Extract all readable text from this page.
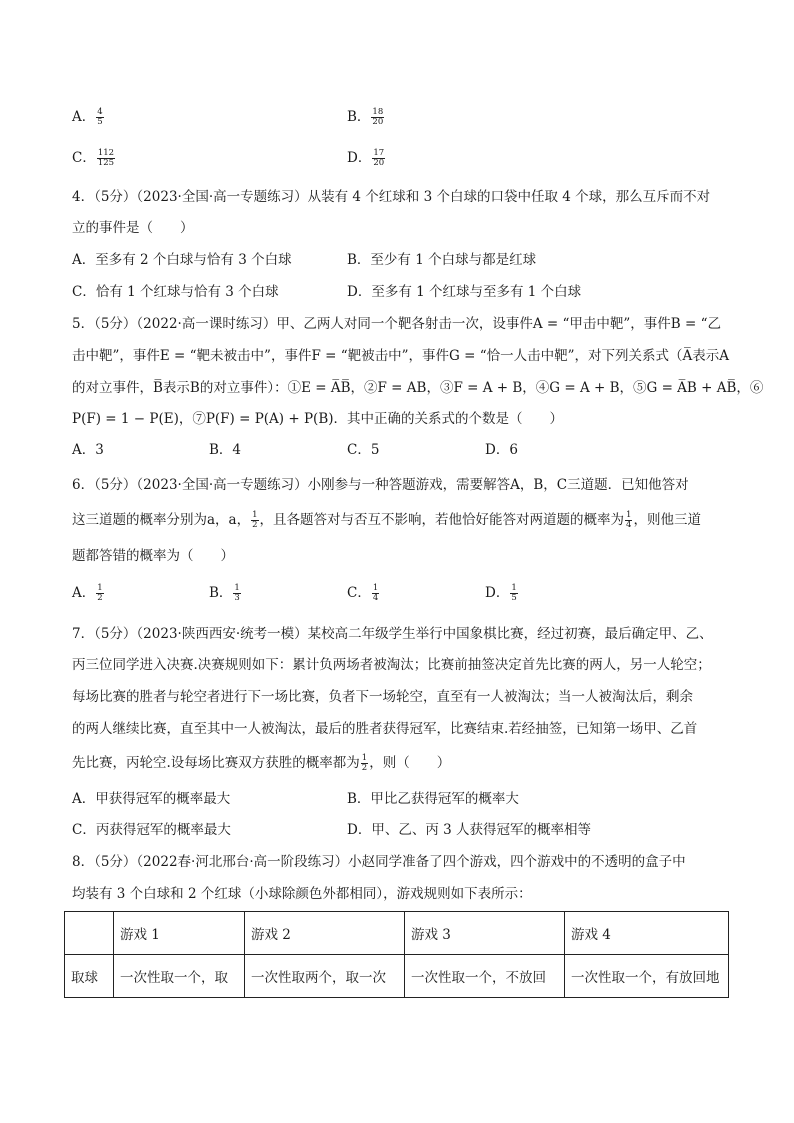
A． $\frac{4}{5}$	B． $\frac{18}{20}$
C． $\frac{112}{125}$	D． $\frac{17}{20}$
4．（5分）（2023·全国·高一专题练习）从装有 4 个红球和 3 个白球的口袋中任取 4 个球，那么互斥而不对
立的事件是（　　）
A．至多有 2 个白球与恰有 3 个白球	B．至少有 1 个白球与都是红球
C．恰有 1 个红球与恰有 3 个白球	D．至多有 1 个红球与至多有 1 个白球
5．（5分）（2022·高一课时练习）甲、乙两人对同一个靶各射击一次，设事件A = “甲击中靶”，事件B = “乙
击中靶”，事件E = “靶未被击中”，事件F = “靶被击中”，事件G = “恰一人击中靶”，对下列关系式（A̅表示A
的对立事件，B̅表示B的对立事件）：①E = A̅B̅，②F = AB，③F = A + B，④G = A + B，⑤G = A̅B + AB̅，⑥
P(F) = 1 − P(E)，⑦P(F) = P(A) + P(B)．其中正确的关系式的个数是（　　）
A．3	B．4	C．5	D．6
6．（5分）（2023·全国·高一专题练习）小刚参与一种答题游戏，需要解答A，B，C三道题．已知他答对
这三道题的概率分别为a，a， $\frac{1}{2}$ ，且各题答对与否互不影响，若他恰好能答对两道题的概率为 $\frac{1}{4}$ ，则他三道
题都答错的概率为（　　）
A． $\frac{1}{2}$	B． $\frac{1}{3}$	C． $\frac{1}{4}$	D． $\frac{1}{5}$
7．（5分）（2023·陕西西安·统考一模）某校高二年级学生举行中国象棋比赛，经过初赛，最后确定甲、乙、
丙三位同学进入决赛.决赛规则如下：累计负两场者被淘汰；比赛前抽签决定首先比赛的两人，另一人轮空；
每场比赛的胜者与轮空者进行下一场比赛，负者下一场轮空，直至有一人被淘汰；当一人被淘汰后，剩余
的两人继续比赛，直至其中一人被淘汰，最后的胜者获得冠军，比赛结束.若经抽签，已知第一场甲、乙首
先比赛，丙轮空.设每场比赛双方获胜的概率都为 $\frac{1}{2}$ ，则（　　）
A．甲获得冠军的概率最大	B．甲比乙获得冠军的概率大
C．丙获得冠军的概率最大	D．甲、乙、丙 3 人获得冠军的概率相等
8．（5分）（2022春·河北邢台·高一阶段练习）小赵同学准备了四个游戏，四个游戏中的不透明的盒子中
均装有 3 个白球和 2 个红球（小球除颜色外都相同），游戏规则如下表所示：
	游戏 1	游戏 2	游戏 3	游戏 4
取球	一次性取一个，取	一次性取两个，取一次	一次性取一个，不放回	一次性取一个，有放回地
